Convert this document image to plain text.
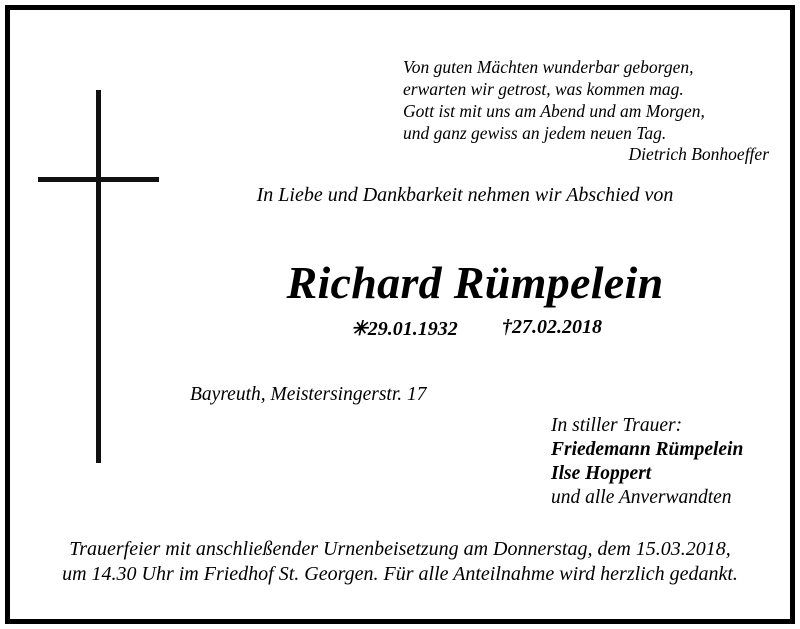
Von guten Mächten wunderbar geborgen,
erwarten wir getrost, was kommen mag.
Gott ist mit uns am Abend und am Morgen,
und ganz gewiss an jedem neuen Tag.
Dietrich Bonhoeffer
In Liebe und Dankbarkeit nehmen wir Abschied von
Richard Rümpelein
✳29.01.1932 †27.02.2018
Bayreuth, Meistersingerstr. 17
In stiller Trauer:
Friedemann Rümpelein
Ilse Hoppert
und alle Anverwandten
Trauerfeier mit anschließender Urnenbeisetzung am Donnerstag, dem 15.03.2018,
um 14.30 Uhr im Friedhof St. Georgen. Für alle Anteilnahme wird herzlich gedankt.
